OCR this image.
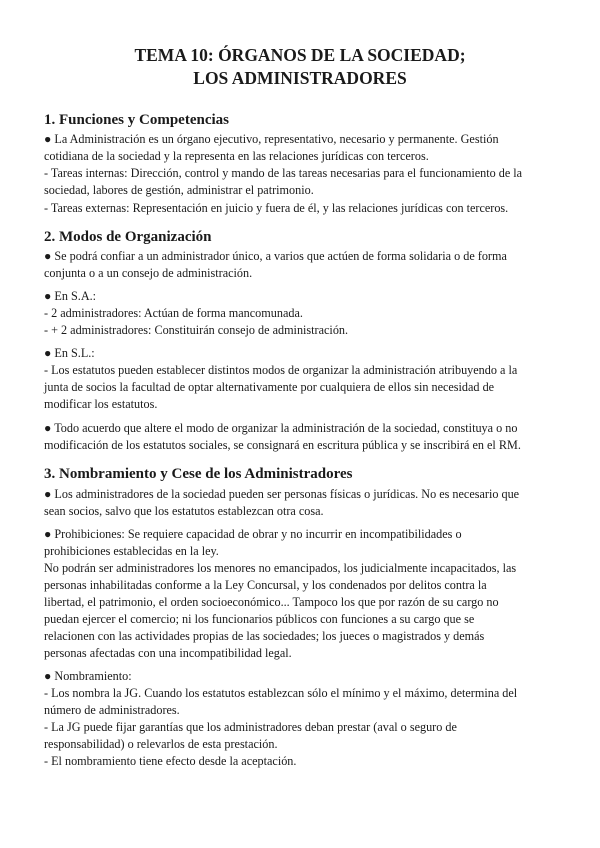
TEMA 10: ÓRGANOS DE LA SOCIEDAD;
LOS ADMINISTRADORES
1. Funciones y Competencias
● La Administración es un órgano ejecutivo, representativo, necesario y permanente. Gestión
cotidiana de la sociedad y la representa en las relaciones jurídicas con terceros.
- Tareas internas: Dirección, control y mando de las tareas necesarias para el funcionamiento de la
sociedad, labores de gestión, administrar el patrimonio.
- Tareas externas: Representación en juicio y fuera de él, y las relaciones jurídicas con terceros.
2. Modos de Organización
● Se podrá confiar a un administrador único, a varios que actúen de forma solidaria o de forma
conjunta o a un consejo de administración.
● En S.A.:
- 2 administradores: Actúan de forma mancomunada.
- + 2 administradores: Constituirán consejo de administración.
● En S.L.:
- Los estatutos pueden establecer distintos modos de organizar la administración atribuyendo a la
junta de socios la facultad de optar alternativamente por cualquiera de ellos sin necesidad de
modificar los estatutos.
● Todo acuerdo que altere el modo de organizar la administración de la sociedad, constituya o no
modificación de los estatutos sociales, se consignará en escritura pública y se inscribirá en el RM.
3. Nombramiento y Cese de los Administradores
● Los administradores de la sociedad pueden ser personas físicas o jurídicas. No es necesario que
sean socios, salvo que los estatutos establezcan otra cosa.
● Prohibiciones: Se requiere capacidad de obrar y no incurrir en incompatibilidades o
prohibiciones establecidas en la ley.
No podrán ser administradores los menores no emancipados, los judicialmente incapacitados, las
personas inhabilitadas conforme a la Ley Concursal, y los condenados por delitos contra la
libertad, el patrimonio, el orden socioeconómico... Tampoco los que por razón de su cargo no
puedan ejercer el comercio; ni los funcionarios públicos con funciones a su cargo que se
relacionen con las actividades propias de las sociedades; los jueces o magistrados y demás
personas afectadas con una incompatibilidad legal.
● Nombramiento:
- Los nombra la JG. Cuando los estatutos establezcan sólo el mínimo y el máximo, determina del
número de administradores.
- La JG puede fijar garantías que los administradores deban prestar (aval o seguro de
responsabilidad) o relevarlos de esta prestación.
- El nombramiento tiene efecto desde la aceptación.
